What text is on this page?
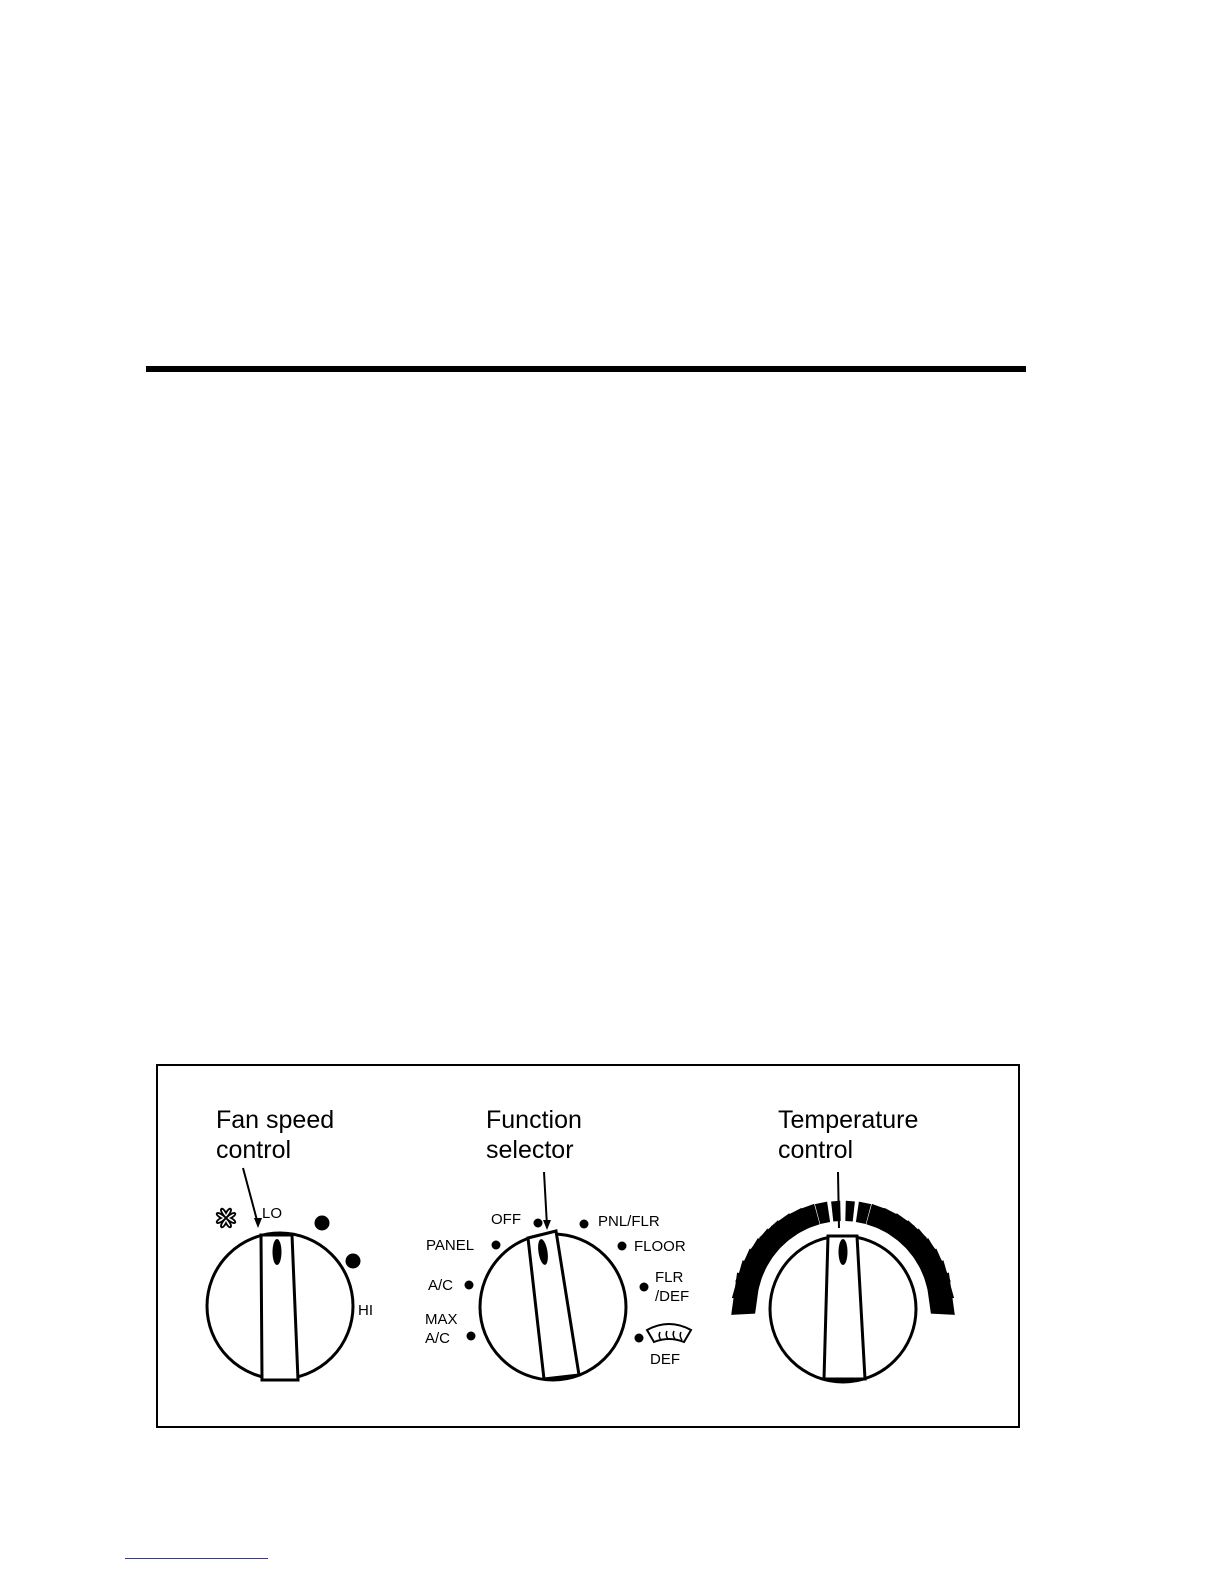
Fan speed
control
LO
HI
Function
selector
OFF	PNL/FLR
PANEL	FLOOR
A/C	FLR
/DEF
MAX
A/C
DEF
Temperature
control
